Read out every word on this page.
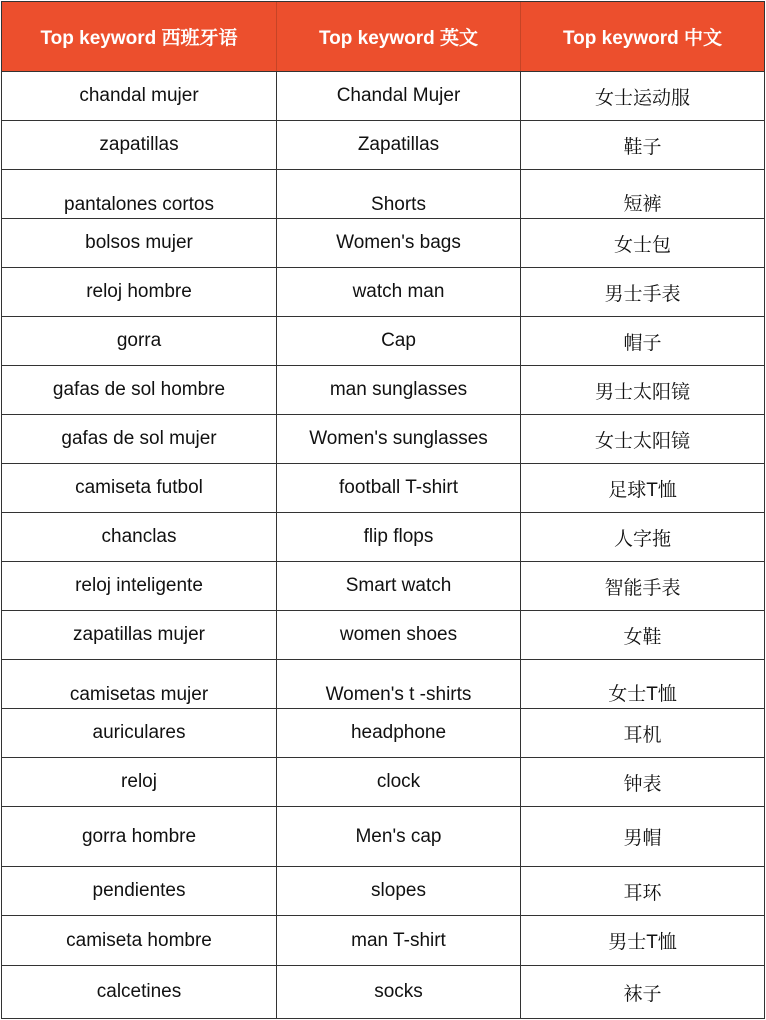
Top keyword 西班牙语	Top keyword 英文	Top keyword 中文
chandal mujer	Chandal Mujer	女士运动服
zapatillas	Zapatillas	鞋子
pantalones cortos	Shorts	短裤
bolsos mujer	Women's bags	女士包
reloj hombre	watch man	男士手表
gorra	Cap	帽子
gafas de sol hombre	man sunglasses	男士太阳镜
gafas de sol mujer	Women's sunglasses	女士太阳镜
camiseta futbol	football T-shirt	足球T恤
chanclas	flip flops	人字拖
reloj inteligente	Smart watch	智能手表
zapatillas mujer	women shoes	女鞋
camisetas mujer	Women's t -shirts	女士T恤
auriculares	headphone	耳机
reloj	clock	钟表
gorra hombre	Men's cap	男帽
pendientes	slopes	耳环
camiseta hombre	man T-shirt	男士T恤
calcetines	socks	袜子
